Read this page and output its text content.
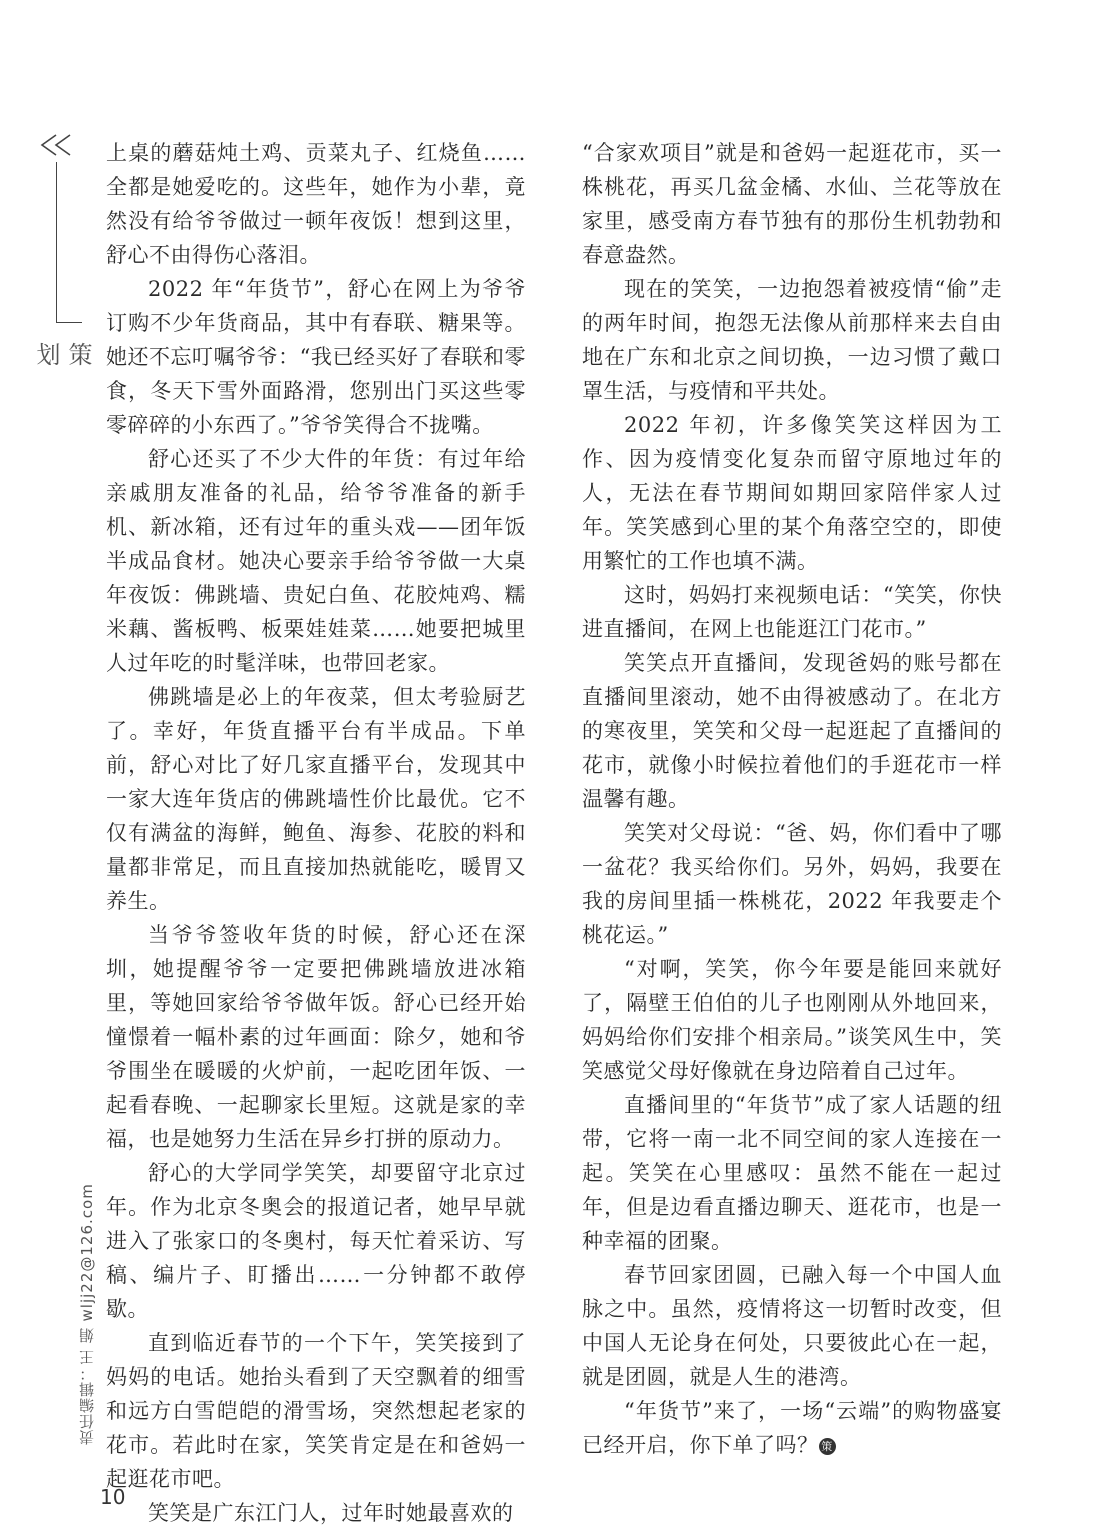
策划
责任编辑：王 娟 wljj22@126.com

上桌的蘑菇炖土鸡、贡菜丸子、红烧鱼……全都是她爱吃的。这些年，她作为小辈，竟然没有给爷爷做过一顿年夜饭！想到这里，舒心不由得伤心落泪。

2022 年“年货节”，舒心在网上为爷爷订购不少年货商品，其中有春联、糖果等。她还不忘叮嘱爷爷：“我已经买好了春联和零食，冬天下雪外面路滑，您别出门买这些零零碎碎的小东西了。”爷爷笑得合不拢嘴。

舒心还买了不少大件的年货：有过年给亲戚朋友准备的礼品，给爷爷准备的新手机、新冰箱，还有过年的重头戏——团年饭半成品食材。她决心要亲手给爷爷做一大桌年夜饭：佛跳墙、贵妃白鱼、花胶炖鸡、糯米藕、酱板鸭、板栗娃娃菜……她要把城里人过年吃的时髦洋味，也带回老家。

佛跳墙是必上的年夜菜，但太考验厨艺了。幸好，年货直播平台有半成品。下单前，舒心对比了好几家直播平台，发现其中一家大连年货店的佛跳墙性价比最优。它不仅有满盆的海鲜，鲍鱼、海参、花胶的料和量都非常足，而且直接加热就能吃，暖胃又养生。

当爷爷签收年货的时候，舒心还在深圳，她提醒爷爷一定要把佛跳墙放进冰箱里，等她回家给爷爷做年饭。舒心已经开始憧憬着一幅朴素的过年画面：除夕，她和爷爷围坐在暖暖的火炉前，一起吃团年饭、一起看春晚、一起聊家长里短。这就是家的幸福，也是她努力生活在异乡打拼的原动力。

舒心的大学同学笑笑，却要留守北京过年。作为北京冬奥会的报道记者，她早早就进入了张家口的冬奥村，每天忙着采访、写稿、编片子、盯播出……一分钟都不敢停歇。

直到临近春节的一个下午，笑笑接到了妈妈的电话。她抬头看到了天空飘着的细雪和远方白雪皑皑的滑雪场，突然想起老家的花市。若此时在家，笑笑肯定是在和爸妈一起逛花市吧。

笑笑是广东江门人，过年时她最喜欢的

“合家欢项目”就是和爸妈一起逛花市，买一株桃花，再买几盆金橘、水仙、兰花等放在家里，感受南方春节独有的那份生机勃勃和春意盎然。

现在的笑笑，一边抱怨着被疫情“偷”走的两年时间，抱怨无法像从前那样来去自由地在广东和北京之间切换，一边习惯了戴口罩生活，与疫情和平共处。

2022 年初，许多像笑笑这样因为工作、因为疫情变化复杂而留守原地过年的人，无法在春节期间如期回家陪伴家人过年。笑笑感到心里的某个角落空空的，即使用繁忙的工作也填不满。

这时，妈妈打来视频电话：“笑笑，你快进直播间，在网上也能逛江门花市。”

笑笑点开直播间，发现爸妈的账号都在直播间里滚动，她不由得被感动了。在北方的寒夜里，笑笑和父母一起逛起了直播间的花市，就像小时候拉着他们的手逛花市一样温馨有趣。

笑笑对父母说：“爸、妈，你们看中了哪一盆花？我买给你们。另外，妈妈，我要在我的房间里插一株桃花，2022 年我要走个桃花运。”

“对啊，笑笑，你今年要是能回来就好了，隔壁王伯伯的儿子也刚刚从外地回来，妈妈给你们安排个相亲局。”谈笑风生中，笑笑感觉父母好像就在身边陪着自己过年。

直播间里的“年货节”成了家人话题的纽带，它将一南一北不同空间的家人连接在一起。笑笑在心里感叹：虽然不能在一起过年，但是边看直播边聊天、逛花市，也是一种幸福的团聚。

春节回家团圆，已融入每一个中国人血脉之中。虽然，疫情将这一切暂时改变，但中国人无论身在何处，只要彼此心在一起，就是团圆，就是人生的港湾。

“年货节”来了，一场“云端”的购物盛宴已经开启，你下单了吗？ 策

10
